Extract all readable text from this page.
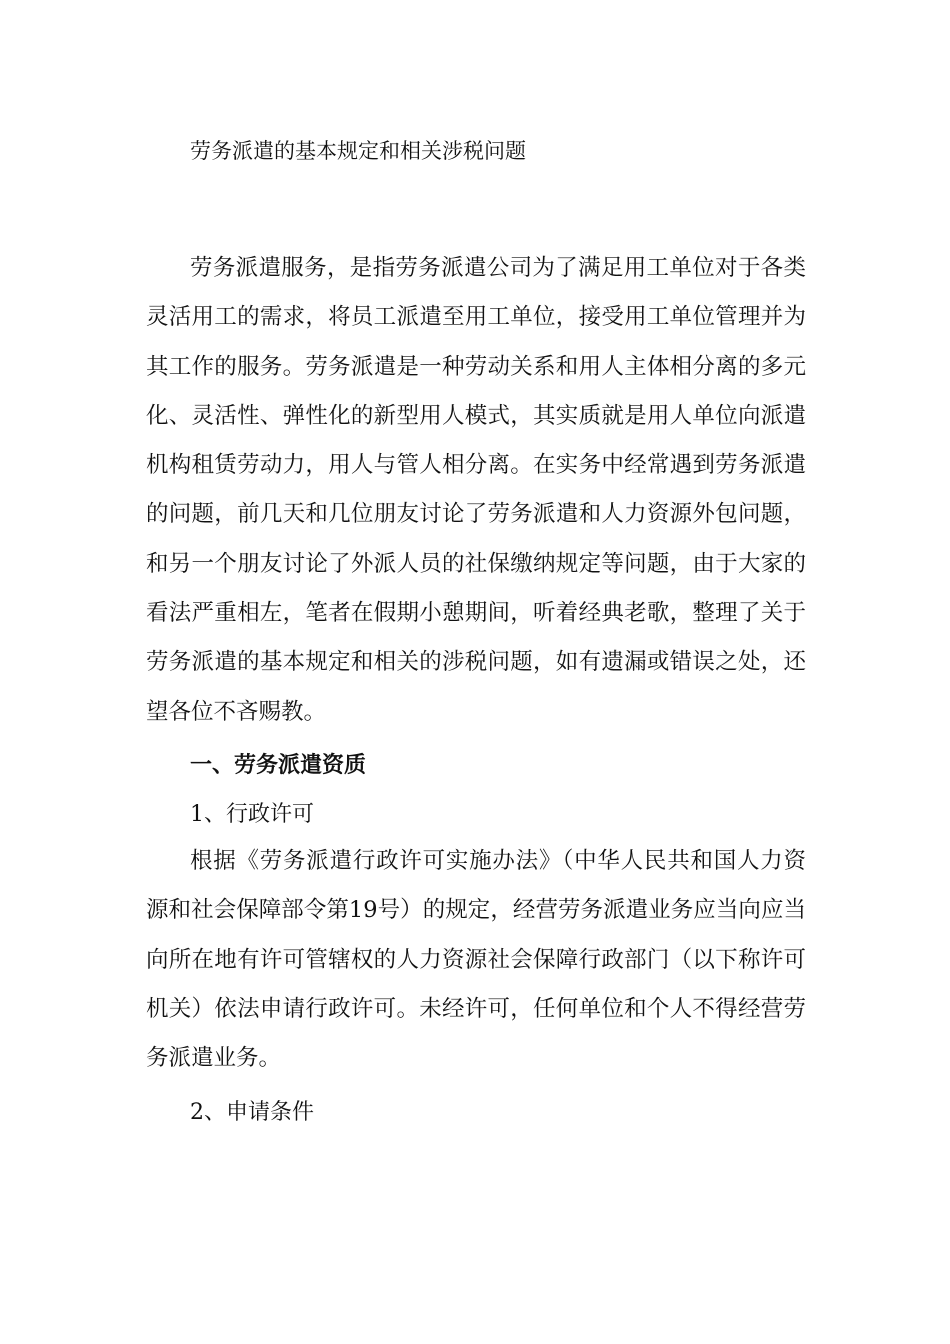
劳务派遣的基本规定和相关涉税问题

劳务派遣服务，是指劳务派遣公司为了满足用工单位对于各类灵活用工的需求，将员工派遣至用工单位，接受用工单位管理并为其工作的服务。劳务派遣是一种劳动关系和用人主体相分离的多元化、灵活性、弹性化的新型用人模式，其实质就是用人单位向派遣机构租赁劳动力，用人与管人相分离。在实务中经常遇到劳务派遣的问题，前几天和几位朋友讨论了劳务派遣和人力资源外包问题，和另一个朋友讨论了外派人员的社保缴纳规定等问题，由于大家的看法严重相左，笔者在假期小憩期间，听着经典老歌，整理了关于劳务派遣的基本规定和相关的涉税问题，如有遗漏或错误之处，还望各位不吝赐教。

一、劳务派遣资质
1、行政许可

根据《劳务派遣行政许可实施办法》（中华人民共和国人力资源和社会保障部令第19号）的规定，经营劳务派遣业务应当向应当向所在地有许可管辖权的人力资源社会保障行政部门（以下称许可机关）依法申请行政许可。未经许可，任何单位和个人不得经营劳务派遣业务。

2、申请条件
